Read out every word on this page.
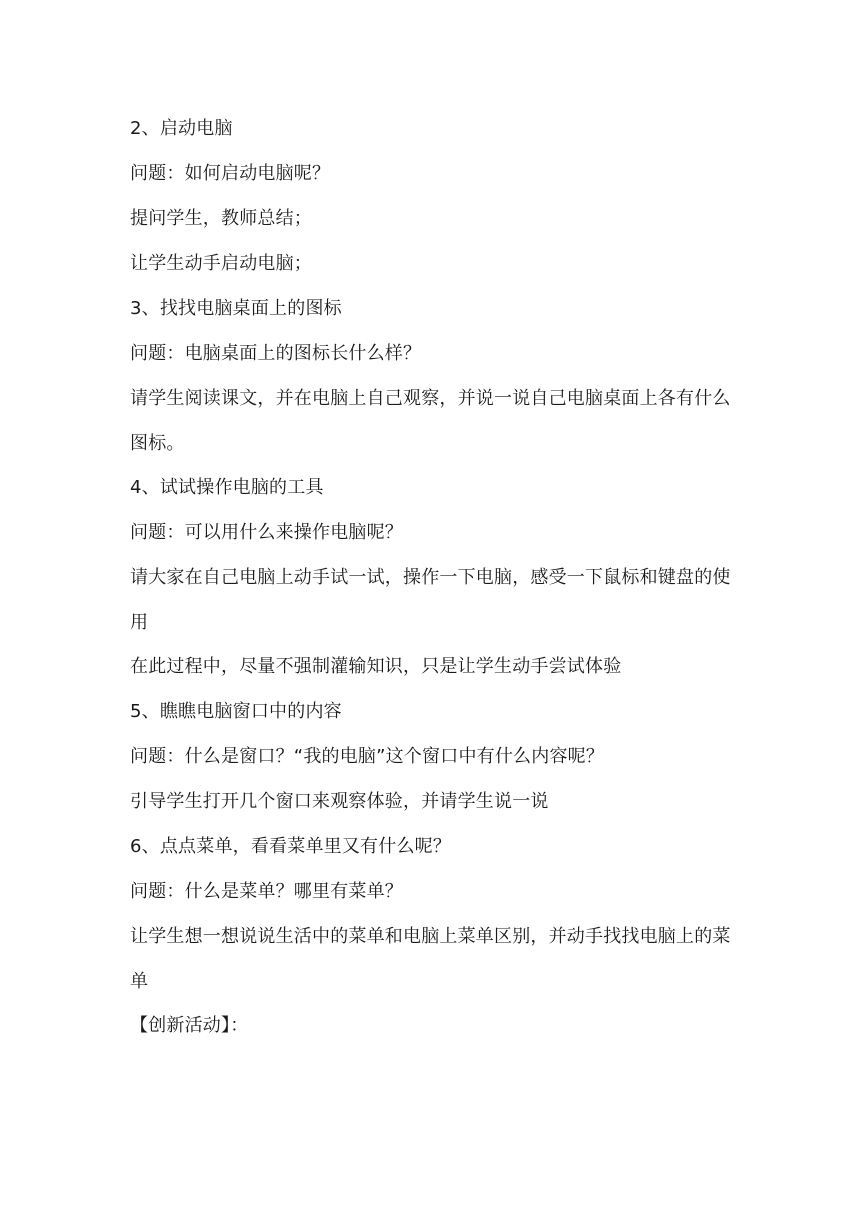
2、启动电脑

问题：如何启动电脑呢？

提问学生，教师总结；

让学生动手启动电脑；

3、找找电脑桌面上的图标

问题：电脑桌面上的图标长什么样？

请学生阅读课文，并在电脑上自己观察，并说一说自己电脑桌面上各有什么图标。

4、试试操作电脑的工具

问题：可以用什么来操作电脑呢？

请大家在自己电脑上动手试一试，操作一下电脑，感受一下鼠标和键盘的使用

在此过程中，尽量不强制灌输知识，只是让学生动手尝试体验

5、瞧瞧电脑窗口中的内容

问题：什么是窗口？“我的电脑”这个窗口中有什么内容呢？

引导学生打开几个窗口来观察体验，并请学生说一说

6、点点菜单，看看菜单里又有什么呢？

问题：什么是菜单？哪里有菜单？

让学生想一想说说生活中的菜单和电脑上菜单区别，并动手找找电脑上的菜单

【创新活动】：
